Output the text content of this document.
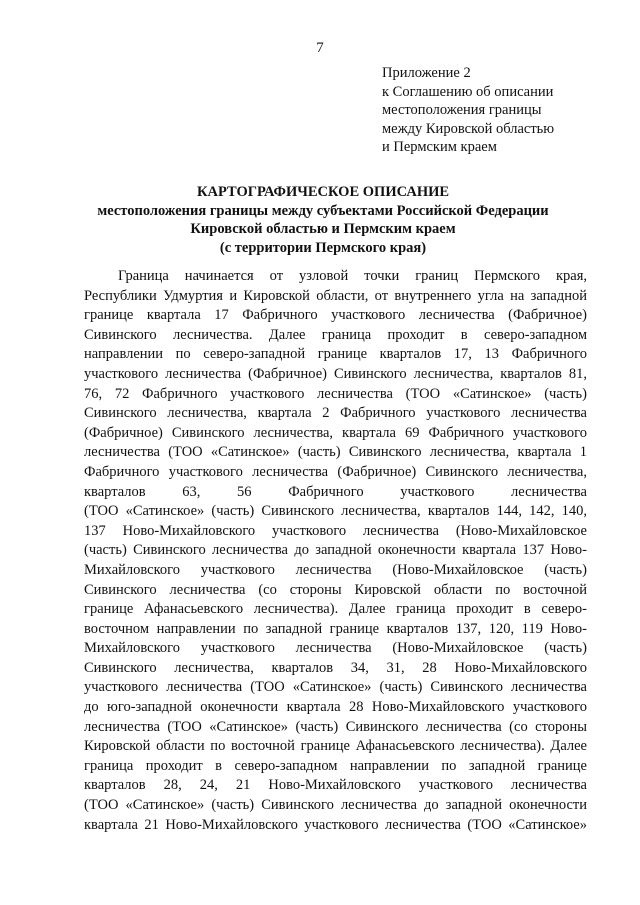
7
Приложение 2
к Соглашению об описании
местоположения границы
между Кировской областью
и Пермским краем
КАРТОГРАФИЧЕСКОЕ ОПИСАНИЕ
местоположения границы между субъектами Российской Федерации
Кировской областью и Пермским краем
(с территории Пермского края)
Граница начинается от узловой точки границ Пермского края,
Республики Удмуртия и Кировской области, от внутреннего угла на западной
границе квартала 17 Фабричного участкового лесничества (Фабричное)
Сивинского лесничества. Далее граница проходит в северо-западном
направлении по северо-западной границе кварталов 17, 13 Фабричного
участкового лесничества (Фабричное) Сивинского лесничества, кварталов 81,
76, 72 Фабричного участкового лесничества (ТОО «Сатинское» (часть)
Сивинского лесничества, квартала 2 Фабричного участкового лесничества
(Фабричное) Сивинского лесничества, квартала 69 Фабричного участкового
лесничества (ТОО «Сатинское» (часть) Сивинского лесничества, квартала 1
Фабричного участкового лесничества (Фабричное) Сивинского лесничества,
кварталов 63, 56 Фабричного участкового лесничества
(ТОО «Сатинское» (часть) Сивинского лесничества, кварталов 144, 142, 140,
137 Ново-Михайловского участкового лесничества (Ново-Михайловское
(часть) Сивинского лесничества до западной оконечности квартала 137 Ново-
Михайловского участкового лесничества (Ново-Михайловское (часть)
Сивинского лесничества (со стороны Кировской области по восточной
границе Афанасьевского лесничества). Далее граница проходит в северо-
восточном направлении по западной границе кварталов 137, 120, 119 Ново-
Михайловского участкового лесничества (Ново-Михайловское (часть)
Сивинского лесничества, кварталов 34, 31, 28 Ново-Михайловского
участкового лесничества (ТОО «Сатинское» (часть) Сивинского лесничества
до юго-западной оконечности квартала 28 Ново-Михайловского участкового
лесничества (ТОО «Сатинское» (часть) Сивинского лесничества (со стороны
Кировской области по восточной границе Афанасьевского лесничества). Далее
граница проходит в северо-западном направлении по западной границе
кварталов 28, 24, 21 Ново-Михайловского участкового лесничества
(ТОО «Сатинское» (часть) Сивинского лесничества до западной оконечности
квартала 21 Ново-Михайловского участкового лесничества (ТОО «Сатинское»
